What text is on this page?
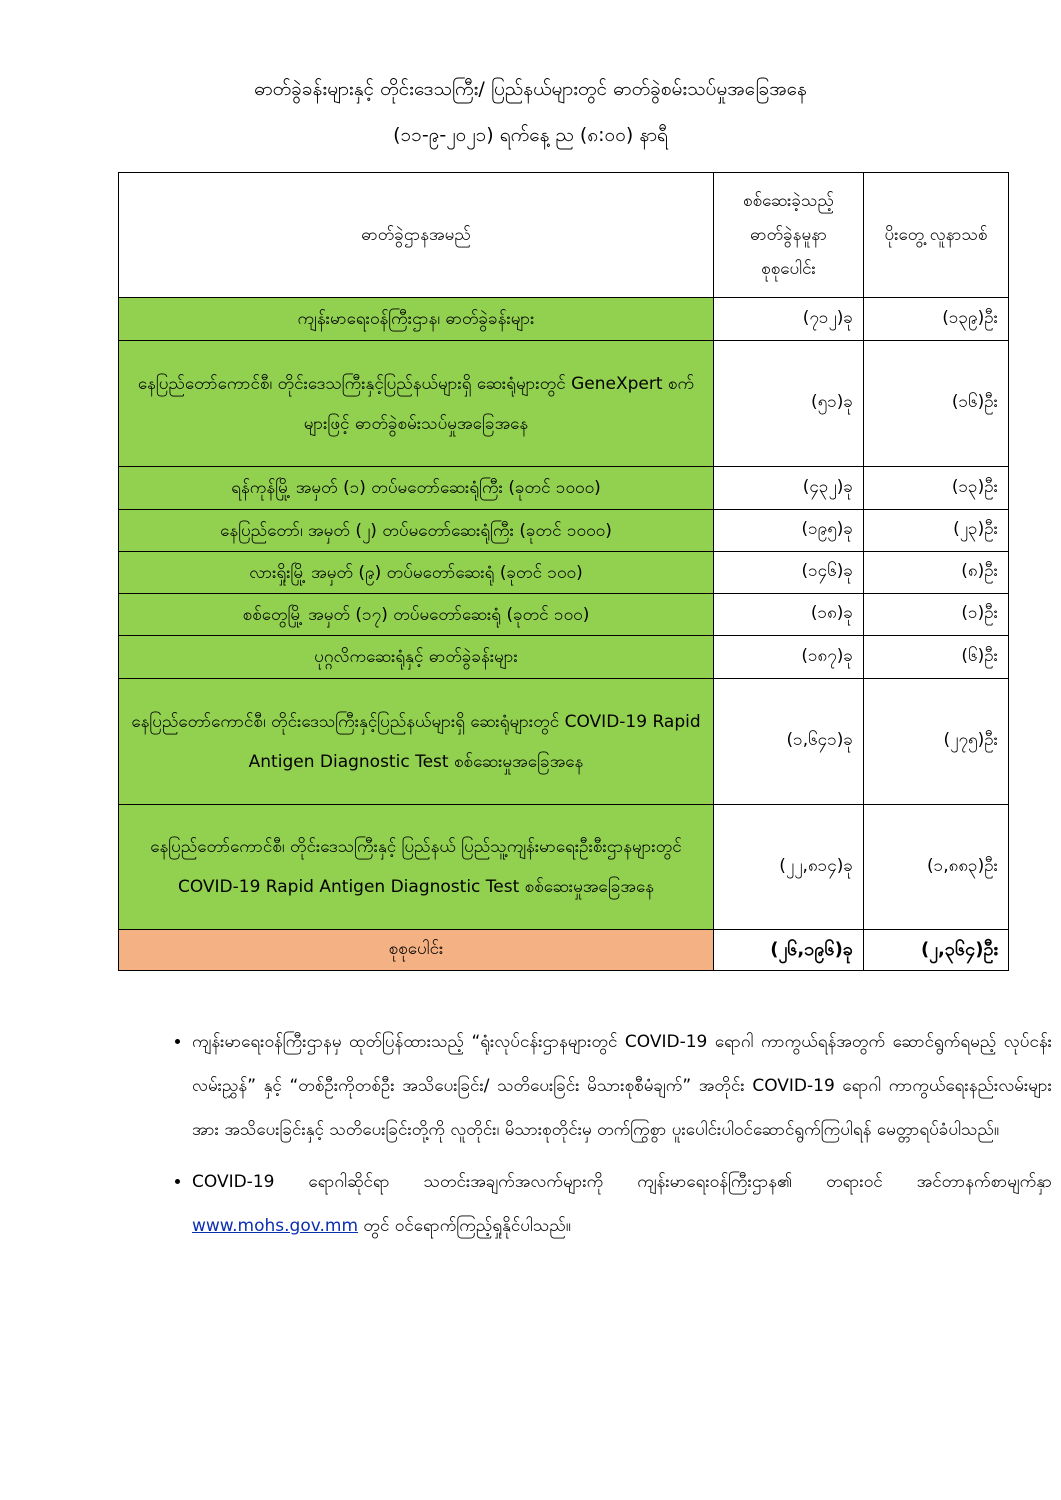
ဓာတ်ခွဲခန်းများနှင့် တိုင်းဒေသကြီး/ ပြည်နယ်များတွင် ဓာတ်ခွဲစမ်းသပ်မှုအခြေအနေ
(၁၁-၉-၂၀၂၁) ရက်နေ့ ည (၈:၀၀) နာရီ
ဓာတ်ခွဲဌာနအမည်	စစ်ဆေးခဲ့သည့် ဓာတ်ခွဲနမူနာ စုစုပေါင်း	ပိုးတွေ့ လူနာသစ်
ကျန်းမာရေးဝန်ကြီးဌာန၊ ဓာတ်ခွဲခန်းများ	(၇၁၂)ခု	(၁၃၉)ဦး
နေပြည်တော်ကောင်စီ၊ တိုင်းဒေသကြီးနှင့်ပြည်နယ်များရှိ ဆေးရုံများတွင် GeneXpert စက်များဖြင့် ဓာတ်ခွဲစမ်းသပ်မှုအခြေအနေ	(၅၁)ခု	(၁၆)ဦး
ရန်ကုန်မြို့ အမှတ် (၁) တပ်မတော်ဆေးရုံကြီး (ခုတင် ၁၀၀၀)	(၄၃၂)ခု	(၁၃)ဦး
နေပြည်တော်၊ အမှတ် (၂) တပ်မတော်ဆေးရုံကြီး (ခုတင် ၁၀၀၀)	(၁၉၅)ခု	(၂၃)ဦး
လားရှိုးမြို့ အမှတ် (၉) တပ်မတော်ဆေးရုံ (ခုတင် ၁၀၀)	(၁၄၆)ခု	(၈)ဦး
စစ်တွေမြို့ အမှတ် (၁၇) တပ်မတော်ဆေးရုံ (ခုတင် ၁၀၀)	(၁၈)ခု	(၁)ဦး
ပုဂ္ဂလိကဆေးရုံနှင့် ဓာတ်ခွဲခန်းများ	(၁၈၇)ခု	(၆)ဦး
နေပြည်တော်ကောင်စီ၊ တိုင်းဒေသကြီးနှင့်ပြည်နယ်များရှိ ဆေးရုံများတွင် COVID-19 Rapid Antigen Diagnostic Test စစ်ဆေးမှုအခြေအနေ	(၁,၆၄၁)ခု	(၂၇၅)ဦး
နေပြည်တော်ကောင်စီ၊ တိုင်းဒေသကြီးနှင့် ပြည်နယ် ပြည်သူ့ကျန်းမာရေးဦးစီးဌာနများတွင် COVID-19 Rapid Antigen Diagnostic Test စစ်ဆေးမှုအခြေအနေ	(၂၂,၈၁၄)ခု	(၁,၈၈၃)ဦး
စုစုပေါင်း	(၂၆,၁၉၆)ခု	(၂,၃၆၄)ဦး
• ကျန်းမာရေးဝန်ကြီးဌာနမှ ထုတ်ပြန်ထားသည့် “ရုံးလုပ်ငန်းဌာနများတွင် COVID-19 ရောဂါ ကာကွယ်ရန်အတွက် ဆောင်ရွက်ရမည့် လုပ်ငန်းလမ်းညွှန်” နှင့် “တစ်ဦးကိုတစ်ဦး အသိပေးခြင်း/ သတိပေးခြင်း မိသားစုစီမံချက်” အတိုင်း COVID-19 ရောဂါ ကာကွယ်ရေးနည်းလမ်းများအား အသိပေးခြင်းနှင့် သတိပေးခြင်းတို့ကို လူတိုင်း၊ မိသားစုတိုင်းမှ တက်ကြွစွာ ပူးပေါင်းပါဝင်ဆောင်ရွက်ကြပါရန် မေတ္တာရပ်ခံပါသည်။
• COVID-19 ရောဂါဆိုင်ရာ သတင်းအချက်အလက်များကို ကျန်းမာရေးဝန်ကြီးဌာန၏ တရားဝင် အင်တာနက်စာမျက်နှာ www.mohs.gov.mm တွင် ဝင်ရောက်ကြည့်ရှုနိုင်ပါသည်။
